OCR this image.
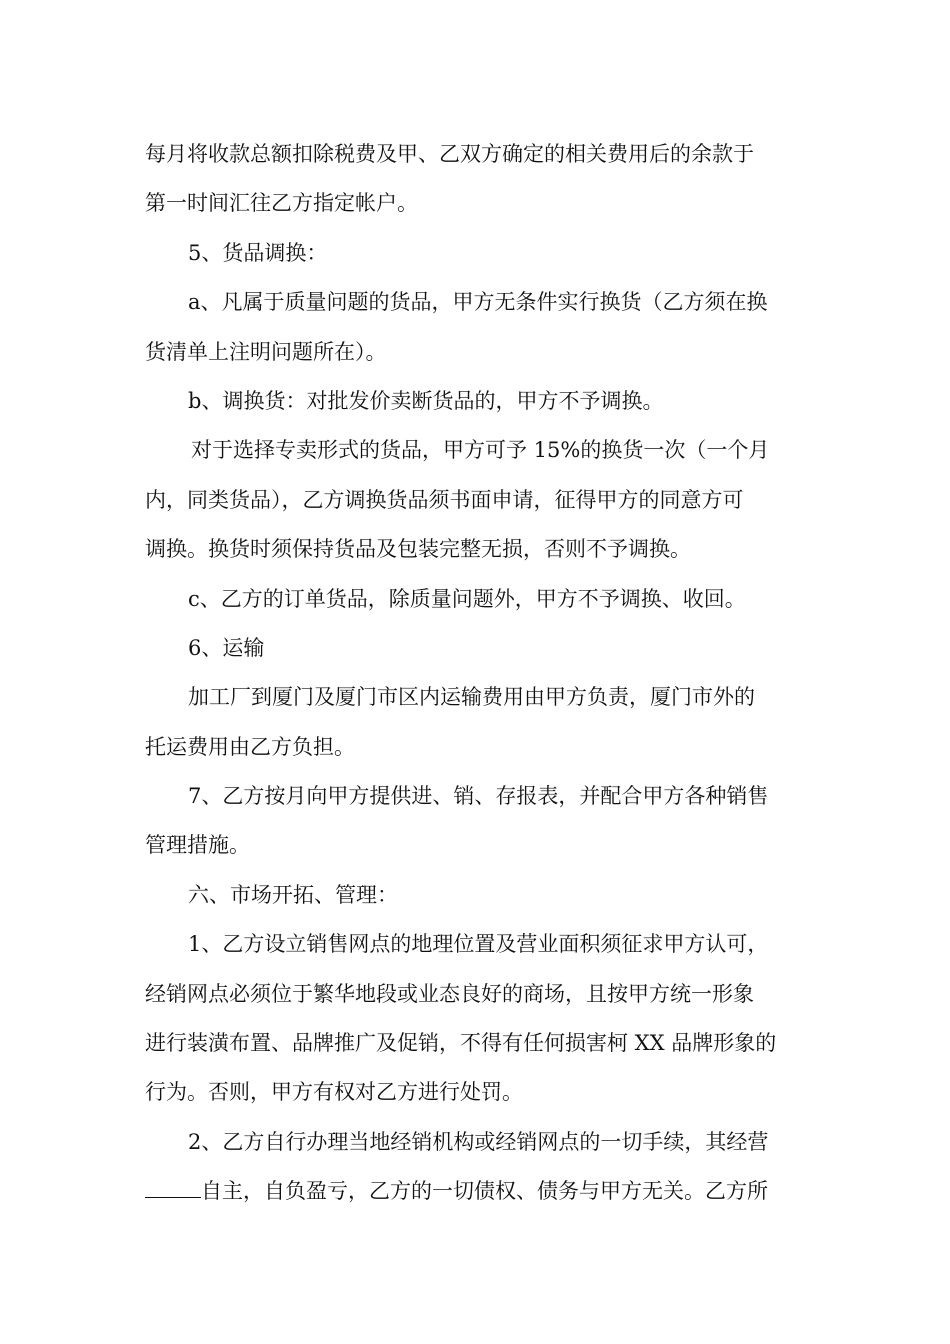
每月将收款总额扣除税费及甲、乙双方确定的相关费用后的余款于
第一时间汇往乙方指定帐户。
5、货品调换：
a、凡属于质量问题的货品，甲方无条件实行换货（乙方须在换
货清单上注明问题所在）。
b、调换货：对批发价卖断货品的，甲方不予调换。
对于选择专卖形式的货品，甲方可予 15%的换货一次（一个月
内，同类货品），乙方调换货品须书面申请，征得甲方的同意方可
调换。换货时须保持货品及包装完整无损，否则不予调换。
c、乙方的订单货品，除质量问题外，甲方不予调换、收回。
6、运输
加工厂到厦门及厦门市区内运输费用由甲方负责，厦门市外的
托运费用由乙方负担。
7、乙方按月向甲方提供进、销、存报表，并配合甲方各种销售
管理措施。
六、市场开拓、管理：
1、乙方设立销售网点的地理位置及营业面积须征求甲方认可，
经销网点必须位于繁华地段或业态良好的商场，且按甲方统一形象
进行装潢布置、品牌推广及促销，不得有任何损害柯 XX 品牌形象的
行为。否则，甲方有权对乙方进行处罚。
2、乙方自行办理当地经销机构或经销网点的一切手续，其经营
自主，自负盈亏，乙方的一切债权、债务与甲方无关。乙方所
